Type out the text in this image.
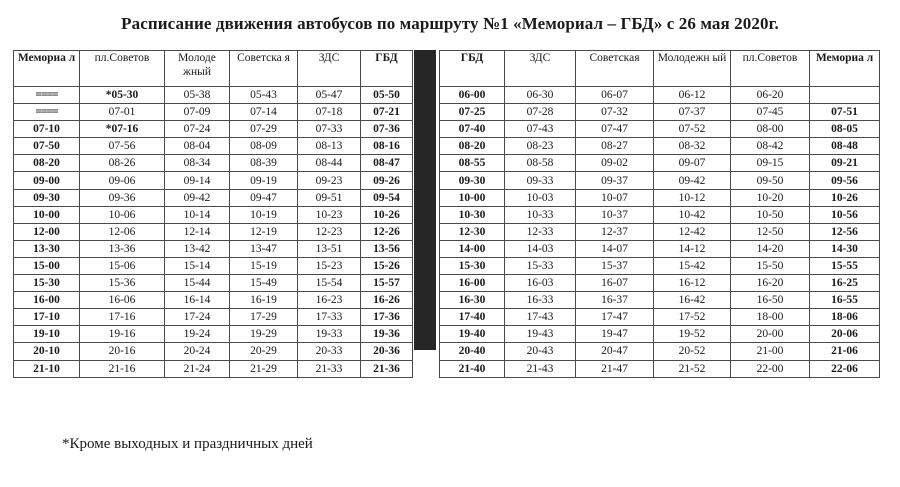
Расписание движения автобусов по маршруту №1 «Мемориал – ГБД» с 26 мая 2020г.
Мемориа л	пл.Советов	Молоде жный	Советска я	ЗДС	ГБД
====	*05-30	05-38	05-43	05-47	05-50
====	07-01	07-09	07-14	07-18	07-21
07-10	*07-16	07-24	07-29	07-33	07-36
07-50	07-56	08-04	08-09	08-13	08-16
08-20	08-26	08-34	08-39	08-44	08-47
09-00	09-06	09-14	09-19	09-23	09-26
09-30	09-36	09-42	09-47	09-51	09-54
10-00	10-06	10-14	10-19	10-23	10-26
12-00	12-06	12-14	12-19	12-23	12-26
13-30	13-36	13-42	13-47	13-51	13-56
15-00	15-06	15-14	15-19	15-23	15-26
15-30	15-36	15-44	15-49	15-54	15-57
16-00	16-06	16-14	16-19	16-23	16-26
17-10	17-16	17-24	17-29	17-33	17-36
19-10	19-16	19-24	19-29	19-33	19-36
20-10	20-16	20-24	20-29	20-33	20-36
21-10	21-16	21-24	21-29	21-33	21-36
ГБД	ЗДС	Советская	Молодежн ый	пл.Советов	Мемориа л
06-00	06-30	06-07	06-12	06-20	
07-25	07-28	07-32	07-37	07-45	07-51
07-40	07-43	07-47	07-52	08-00	08-05
08-20	08-23	08-27	08-32	08-42	08-48
08-55	08-58	09-02	09-07	09-15	09-21
09-30	09-33	09-37	09-42	09-50	09-56
10-00	10-03	10-07	10-12	10-20	10-26
10-30	10-33	10-37	10-42	10-50	10-56
12-30	12-33	12-37	12-42	12-50	12-56
14-00	14-03	14-07	14-12	14-20	14-30
15-30	15-33	15-37	15-42	15-50	15-55
16-00	16-03	16-07	16-12	16-20	16-25
16-30	16-33	16-37	16-42	16-50	16-55
17-40	17-43	17-47	17-52	18-00	18-06
19-40	19-43	19-47	19-52	20-00	20-06
20-40	20-43	20-47	20-52	21-00	21-06
21-40	21-43	21-47	21-52	22-00	22-06
*Кроме выходных и праздничных дней
